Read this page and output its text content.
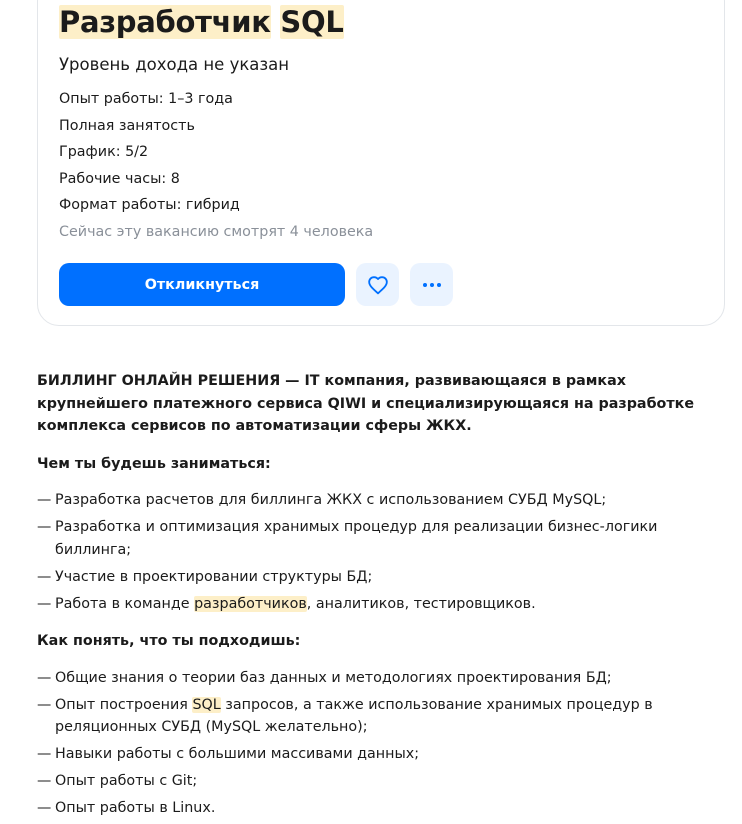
Разработчик SQL
Уровень дохода не указан
Опыт работы: 1–3 года
Полная занятость
График: 5/2
Рабочие часы: 8
Формат работы: гибрид
Сейчас эту вакансию смотрят 4 человека
Откликнуться

БИЛЛИНГ ОНЛАЙН РЕШЕНИЯ — IT компания, развивающаяся в рамках крупнейшего платежного сервиса QIWI и специализирующаяся на разработке комплекса сервисов по автоматизации сферы ЖКХ.

Чем ты будешь заниматься:

— Разработка расчетов для биллинга ЖКХ с использованием СУБД MySQL;
— Разработка и оптимизация хранимых процедур для реализации бизнес-логики биллинга;
— Участие в проектировании структуры БД;
— Работа в команде разработчиков, аналитиков, тестировщиков.

Как понять, что ты подходишь:

— Общие знания о теории баз данных и методологиях проектирования БД;
— Опыт построения SQL запросов, а также использование хранимых процедур в реляционных СУБД (MySQL желательно);
— Навыки работы с большими массивами данных;
— Опыт работы с Git;
— Опыт работы в Linux.
